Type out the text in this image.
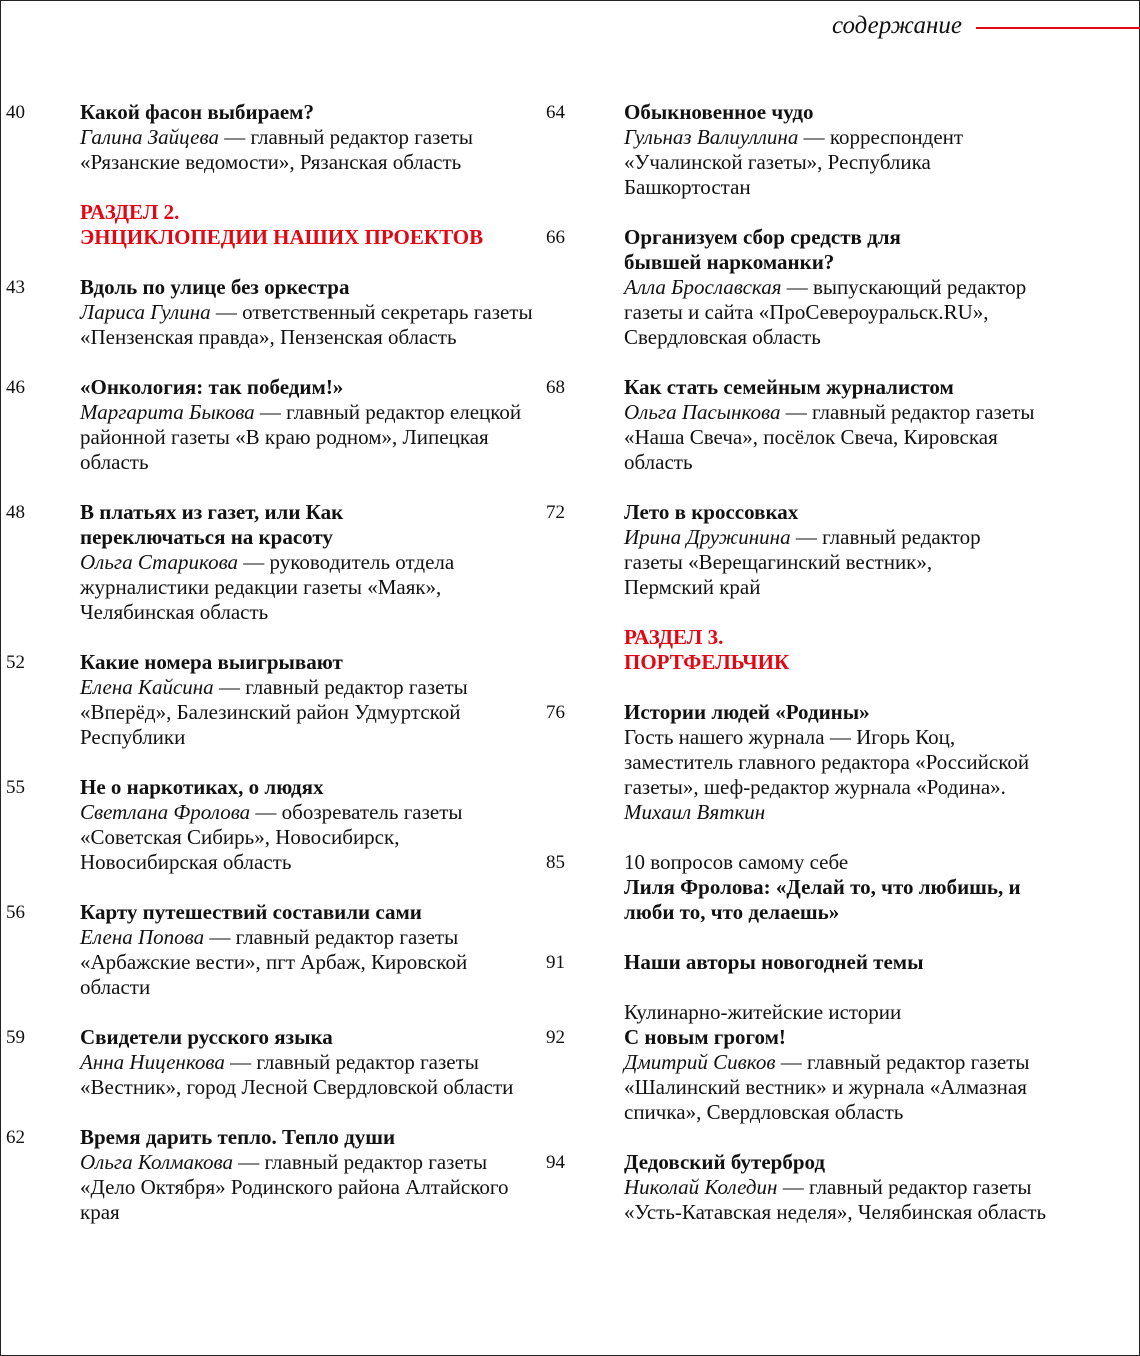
содержание
40	Какой фасон выбираем?
Галина Зайцева — главный редактор газеты «Рязанские ведомости», Рязанская область
РАЗДЕЛ 2.
ЭНЦИКЛОПЕДИИ НАШИХ ПРОЕКТОВ
43	Вдоль по улице без оркестра
Лариса Гулина — ответственный секретарь газеты «Пензенская правда», Пензенская область
46	«Онкология: так победим!»
Маргарита Быкова — главный редактор елецкой районной газеты «В краю родном», Липецкая область
48	В платьях из газет, или Как переключаться на красоту
Ольга Старикова — руководитель отдела журналистики редакции газеты «Маяк», Челябинская область
52	Какие номера выигрывают
Елена Кайсина — главный редактор газеты «Вперёд», Балезинский район Удмуртской Республики
55	Не о наркотиках, о людях
Светлана Фролова — обозреватель газеты «Советская Сибирь», Новосибирск, Новосибирская область
56	Карту путешествий составили сами
Елена Попова — главный редактор газеты «Арбажские вести», пгт Арбаж, Кировской области
59	Свидетели русского языка
Анна Ниценкова — главный редактор газеты «Вестник», город Лесной Свердловской области
62	Время дарить тепло. Тепло души
Ольга Колмакова — главный редактор газеты «Дело Октября» Родинского района Алтайского края
64	Обыкновенное чудо
Гульназ Валиуллина — корреспондент «Учалинской газеты», Республика Башкортостан
66	Организуем сбор средств для бывшей наркоманки?
Алла Брославская — выпускающий редактор газеты и сайта «ПроСевероуральск.RU», Свердловская область
68	Как стать семейным журналистом
Ольга Пасынкова — главный редактор газеты «Наша Свеча», посёлок Свеча, Кировская область
72	Лето в кроссовках
Ирина Дружинина — главный редактор газеты «Верещагинский вестник», Пермский край
РАЗДЕЛ 3.
ПОРТФЕЛЬЧИК
76	Истории людей «Родины»
Гость нашего журнала — Игорь Коц, заместитель главного редактора «Российской газеты», шеф-редактор журнала «Родина».
Михаил Вяткин
85	10 вопросов самому себе
Лиля Фролова: «Делай то, что любишь, и люби то, что делаешь»
91	Наши авторы новогодней темы
Кулинарно-житейские истории
92	С новым грогом!
Дмитрий Сивков — главный редактор газеты «Шалинский вестник» и журнала «Алмазная спичка», Свердловская область
94	Дедовский бутерброд
Николай Коледин — главный редактор газеты «Усть-Катавская неделя», Челябинская область
